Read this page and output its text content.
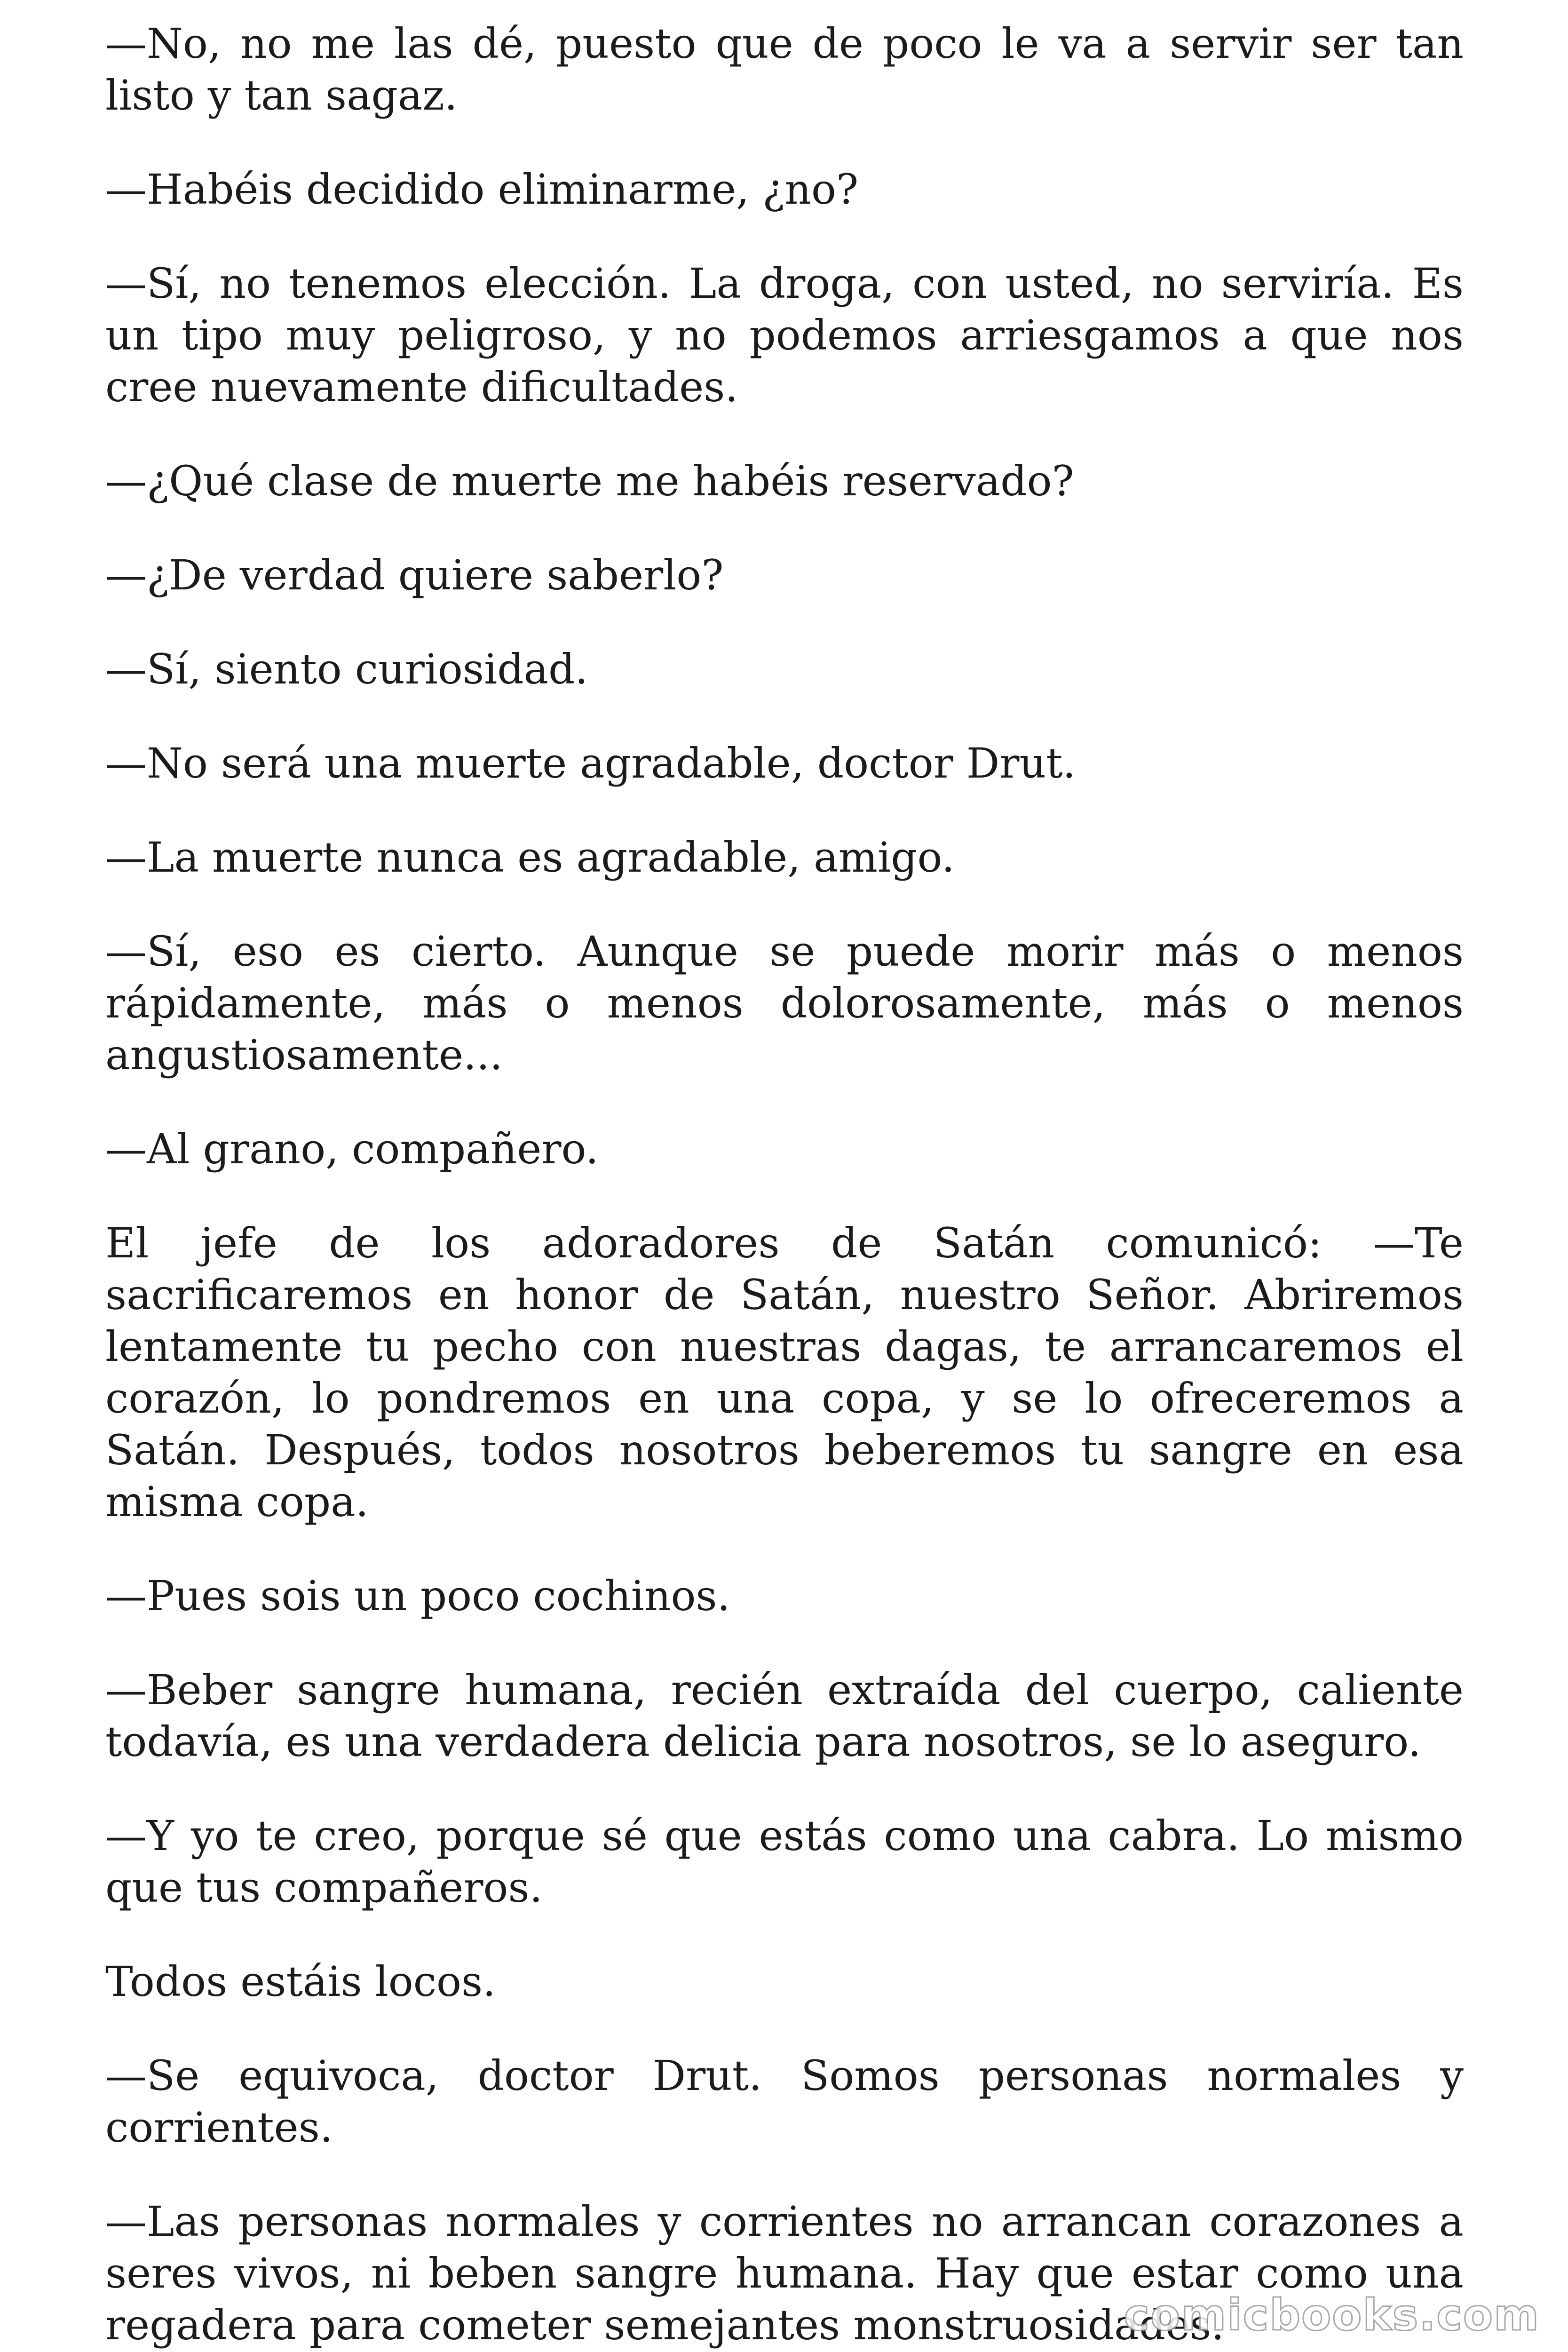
—No, no me las dé, puesto que de poco le va a servir ser tan listo y tan sagaz.

—Habéis decidido eliminarme, ¿no?

—Sí, no tenemos elección. La droga, con usted, no serviría. Es un tipo muy peligroso, y no podemos arriesgamos a que nos cree nuevamente dificultades.

—¿Qué clase de muerte me habéis reservado?

—¿De verdad quiere saberlo?

—Sí, siento curiosidad.

—No será una muerte agradable, doctor Drut.

—La muerte nunca es agradable, amigo.

—Sí, eso es cierto. Aunque se puede morir más o menos rápidamente, más o menos dolorosamente, más o menos angustiosamente...

—Al grano, compañero.

El jefe de los adoradores de Satán comunicó: —Te sacrificaremos en honor de Satán, nuestro Señor. Abriremos lentamente tu pecho con nuestras dagas, te arrancaremos el corazón, lo pondremos en una copa, y se lo ofreceremos a Satán. Después, todos nosotros beberemos tu sangre en esa misma copa.

—Pues sois un poco cochinos.

—Beber sangre humana, recién extraída del cuerpo, caliente todavía, es una verdadera delicia para nosotros, se lo aseguro.

—Y yo te creo, porque sé que estás como una cabra. Lo mismo que tus compañeros.

Todos estáis locos.

—Se equivoca, doctor Drut. Somos personas normales y corrientes.

—Las personas normales y corrientes no arrancan corazones a seres vivos, ni beben sangre humana. Hay que estar como una regadera para cometer semejantes monstruosidades.

comicbooks.com
